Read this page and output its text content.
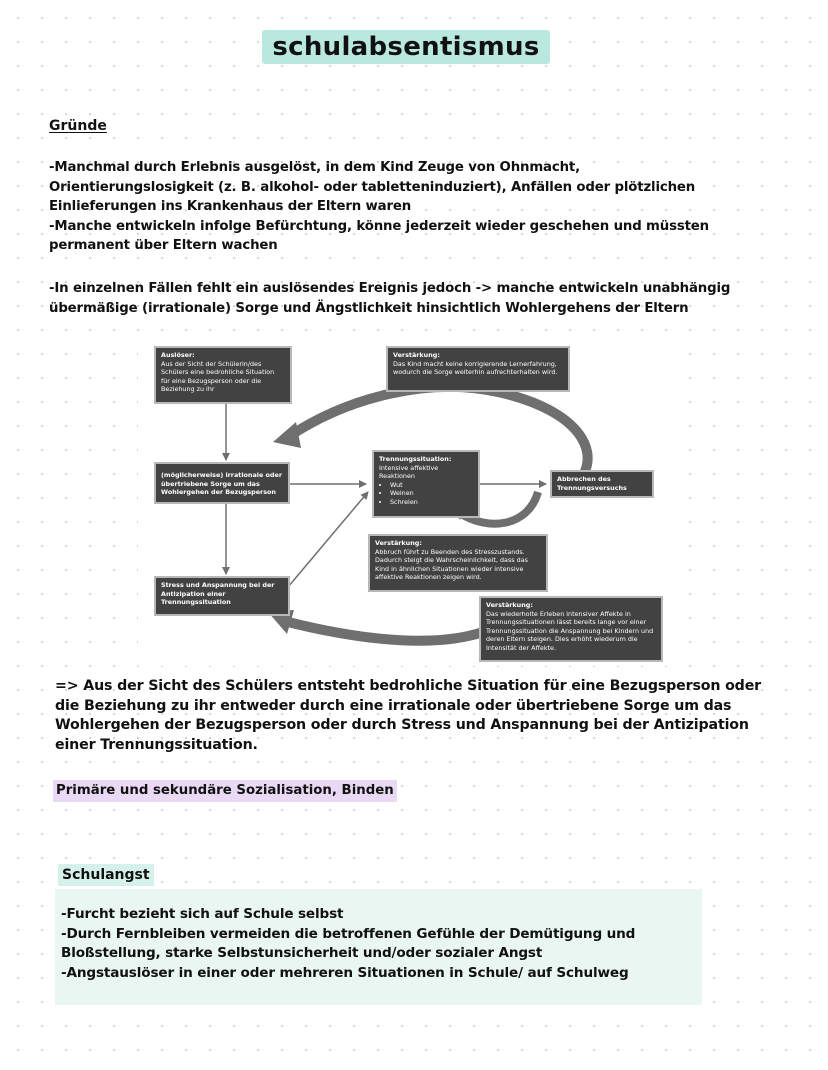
schulabsentismus
Gründe

-Manchmal durch Erlebnis ausgelöst, in dem Kind Zeuge von Ohnmacht,

Orientierungslosigkeit (z. B. alkohol- oder tabletteninduziert), Anfällen oder plötzlichen

Einlieferungen ins Krankenhaus der Eltern waren

-Manche entwickeln infolge Befürchtung, könne jederzeit wieder geschehen und müssten

permanent über Eltern wachen

-In einzelnen Fällen fehlt ein auslösendes Ereignis jedoch -> manche entwickeln unabhängig

übermäßige (irrationale) Sorge und Ängstlichkeit hinsichtlich Wohlergehens der Eltern

Auslöser:
Aus der Sicht der Schülerin/des Schülers eine bedrohliche Situation für eine Bezugsperson oder die Beziehung zu ihr
Verstärkung:
Das Kind macht keine korrigierende Lernerfahrung, wodurch die Sorge weiterhin aufrechterhalten wird.
(möglicherweise) irrationale oder übertriebene Sorge um das Wohlergehen der Bezugsperson
Trennungssituation:
Intensive affektive Reaktionen
• Wut
• Weinen
• Schreien
Abbrechen des Trennungsversuchs
Verstärkung:
Abbruch führt zu Beenden des Stresszustands. Dadurch steigt die Wahrscheinlichkeit, dass das Kind in ähnlichen Situationen wieder intensive affektive Reaktionen zeigen wird.
Stress und Anspannung bei der Antizipation einer Trennungssituation	Verstärkung:
Das wiederholte Erleben intensiver Affekte in Trennungssituationen lässt bereits lange vor einer Trennungssituation die Anspannung bei Kindern und deren Eltern steigen. Dies erhöht wiederum die Intensität der Affekte.

=> Aus der Sicht des Schülers entsteht bedrohliche Situation für eine Bezugsperson oder

die Beziehung zu ihr entweder durch eine irrationale oder übertriebene Sorge um das

Wohlergehen der Bezugsperson oder durch Stress und Anspannung bei der Antizipation

einer Trennungssituation.

Primäre und sekundäre Sozialisation, Binden
Schulangst

-Furcht bezieht sich auf Schule selbst

-Durch Fernbleiben vermeiden die betroffenen Gefühle der Demütigung und

Bloßstellung, starke Selbstunsicherheit und/oder sozialer Angst

-Angstauslöser in einer oder mehreren Situationen in Schule/ auf Schulweg
